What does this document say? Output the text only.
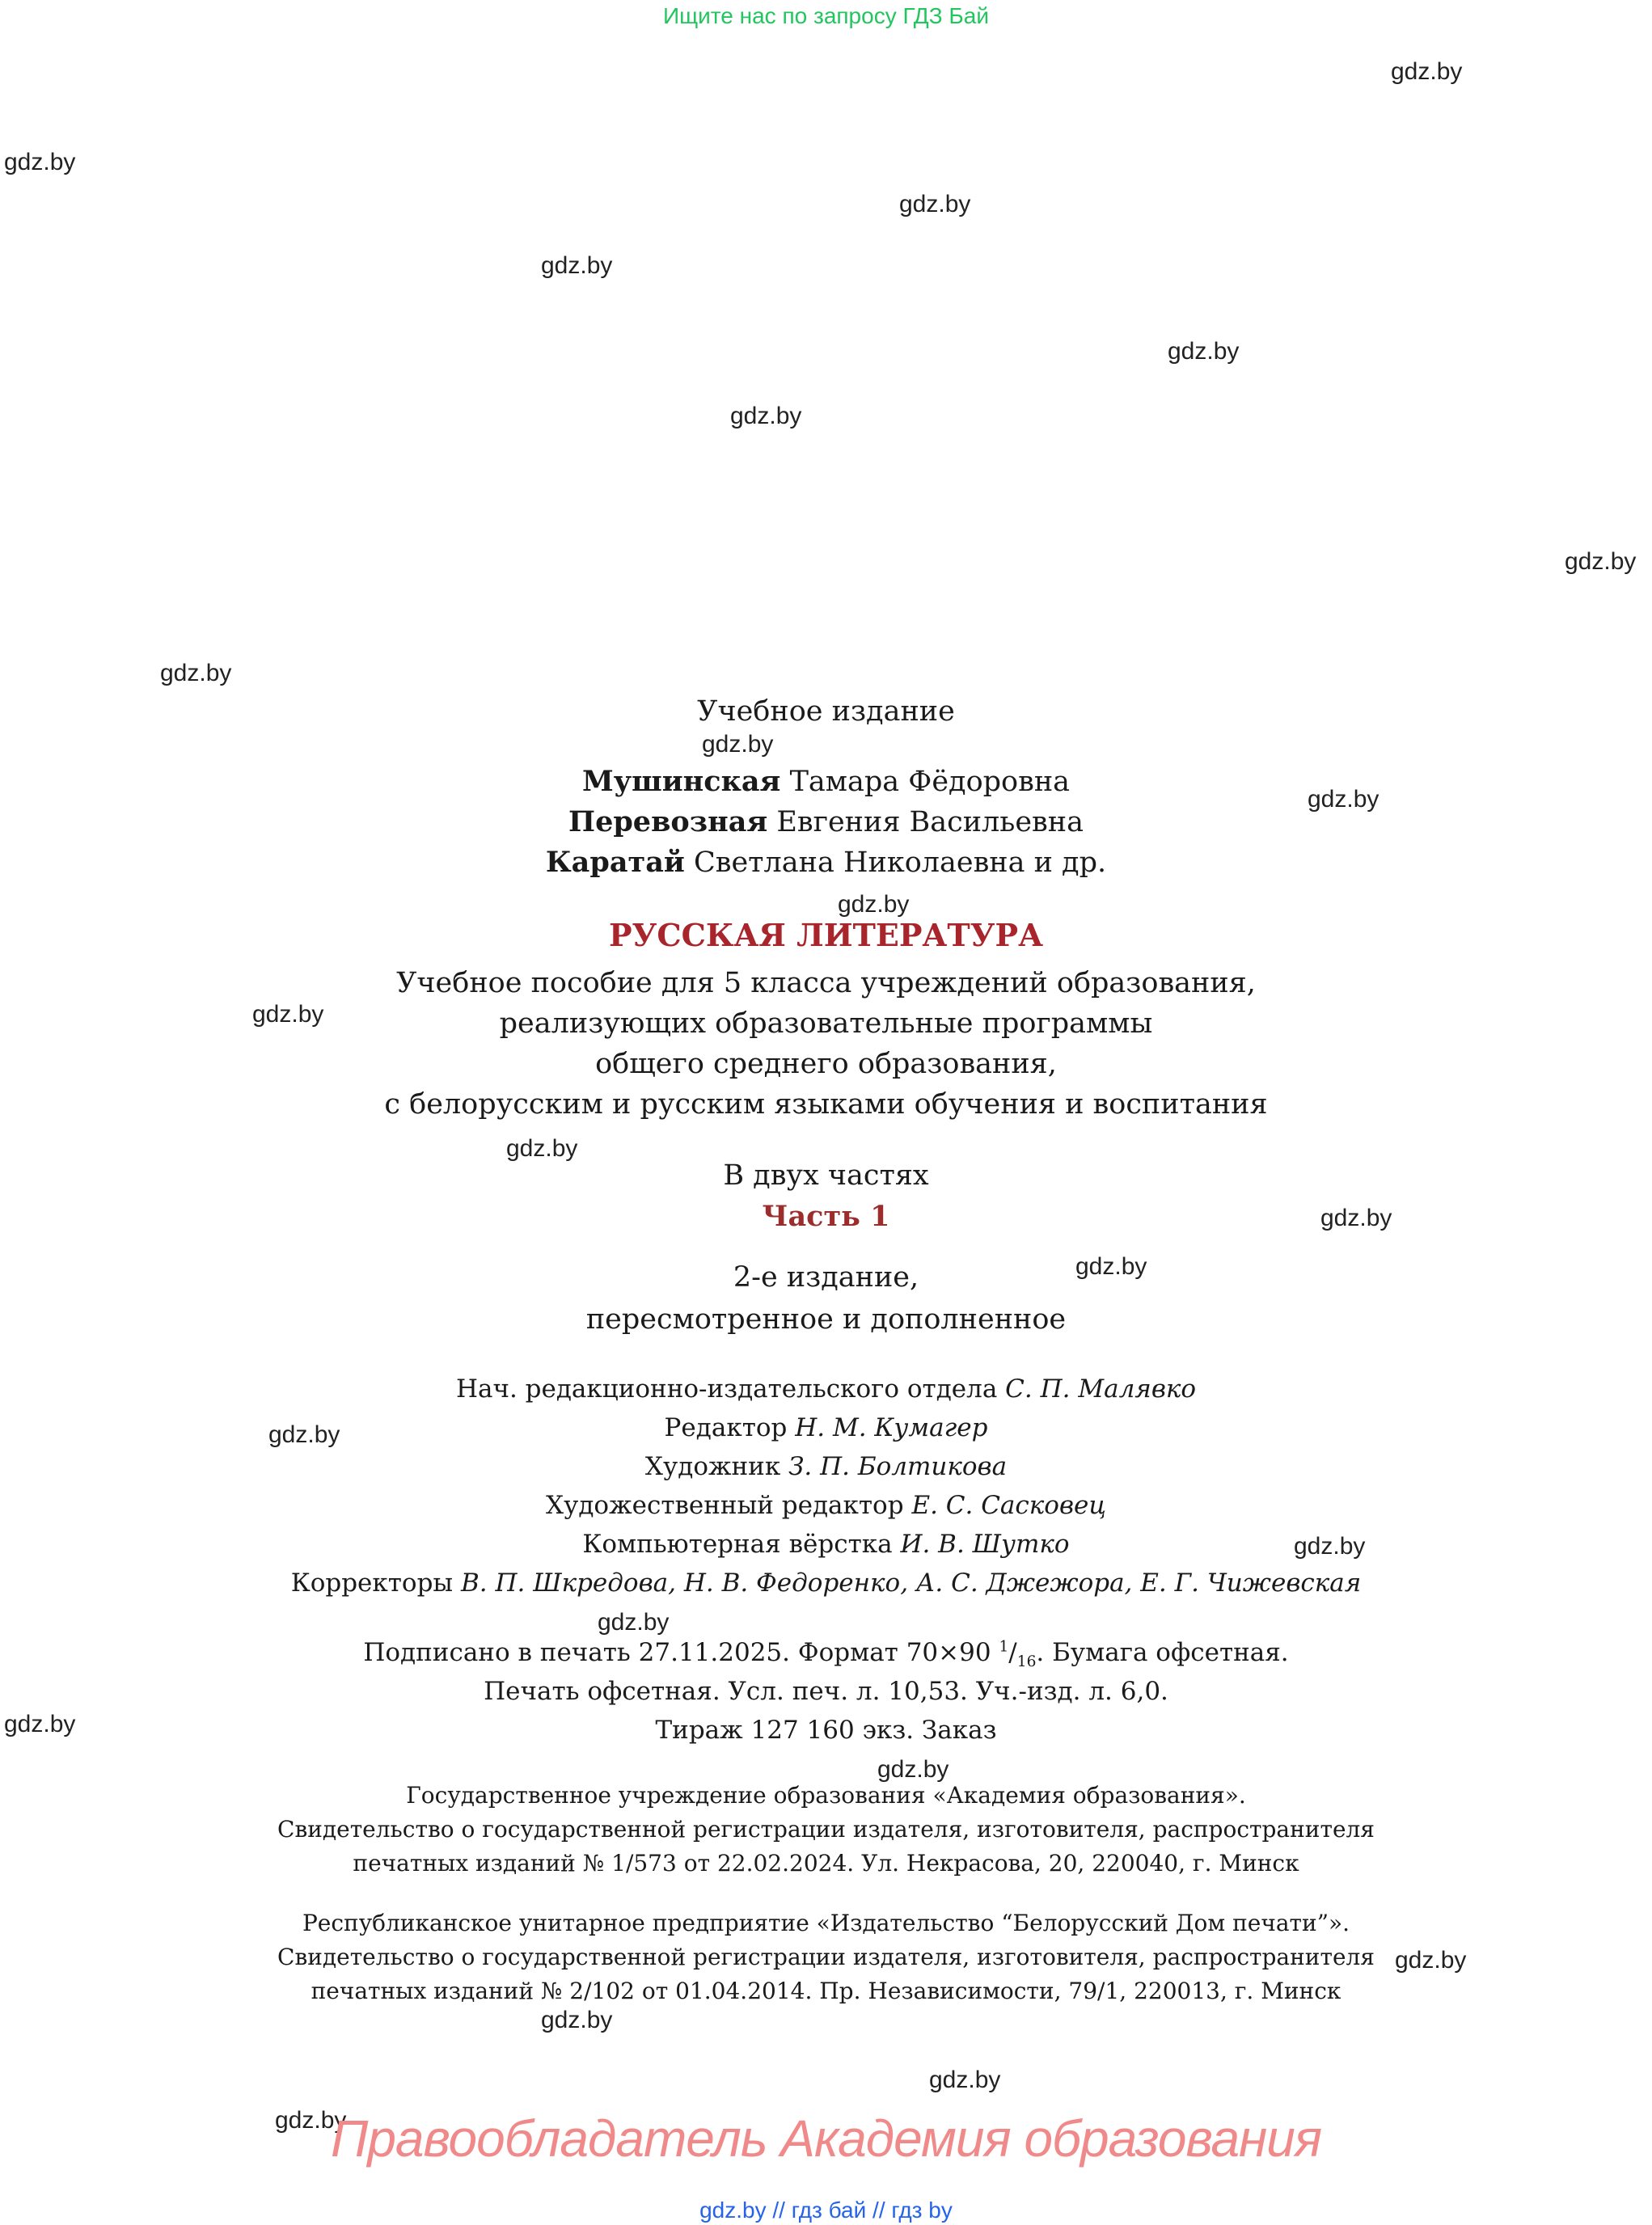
Ищите нас по запросу ГДЗ Бай
gdz.by
gdz.by
gdz.by
gdz.by
gdz.by
gdz.by
gdz.by
gdz.by
gdz.by
gdz.by
gdz.by
gdz.by
gdz.by
gdz.by
gdz.by
gdz.by
gdz.by
gdz.by
gdz.by
gdz.by
gdz.by
gdz.by
gdz.by
gdz.by
Учебное издание
Мушинская Тамара Фёдоровна
Перевозная Евгения Васильевна
Каратай Светлана Николаевна и др.
РУССКАЯ ЛИТЕРАТУРА
Учебное пособие для 5 класса учреждений образования,
реализующих образовательные программы
общего среднего образования,
с белорусским и русским языками обучения и воспитания
В двух частях
Часть 1
2-е издание,
пересмотренное и дополненное
Нач. редакционно-издательского отдела С. П. Малявко
Редактор Н. М. Кумагер
Художник З. П. Болтикова
Художественный редактор Е. С. Сасковец
Компьютерная вёрстка И. В. Шутко
Корректоры В. П. Шкредова, Н. В. Федоренко, А. С. Джежора, Е. Г. Чижевская
Подписано в печать 27.11.2025. Формат 70×90 $^1/_{16}$. Бумага офсетная.
Печать офсетная. Усл. печ. л. 10,53. Уч.-изд. л. 6,0.
Тираж 127 160 экз. Заказ
Государственное учреждение образования «Академия образования».
Свидетельство о государственной регистрации издателя, изготовителя, распространителя
печатных изданий № 1/573 от 22.02.2024. Ул. Некрасова, 20, 220040, г. Минск
Республиканское унитарное предприятие «Издательство “Белорусский Дом печати”».
Свидетельство о государственной регистрации издателя, изготовителя, распространителя
печатных изданий № 2/102 от 01.04.2014. Пр. Независимости, 79/1, 220013, г. Минск
Правообладатель Академия образования
gdz.by // гдз бай // гдз by
